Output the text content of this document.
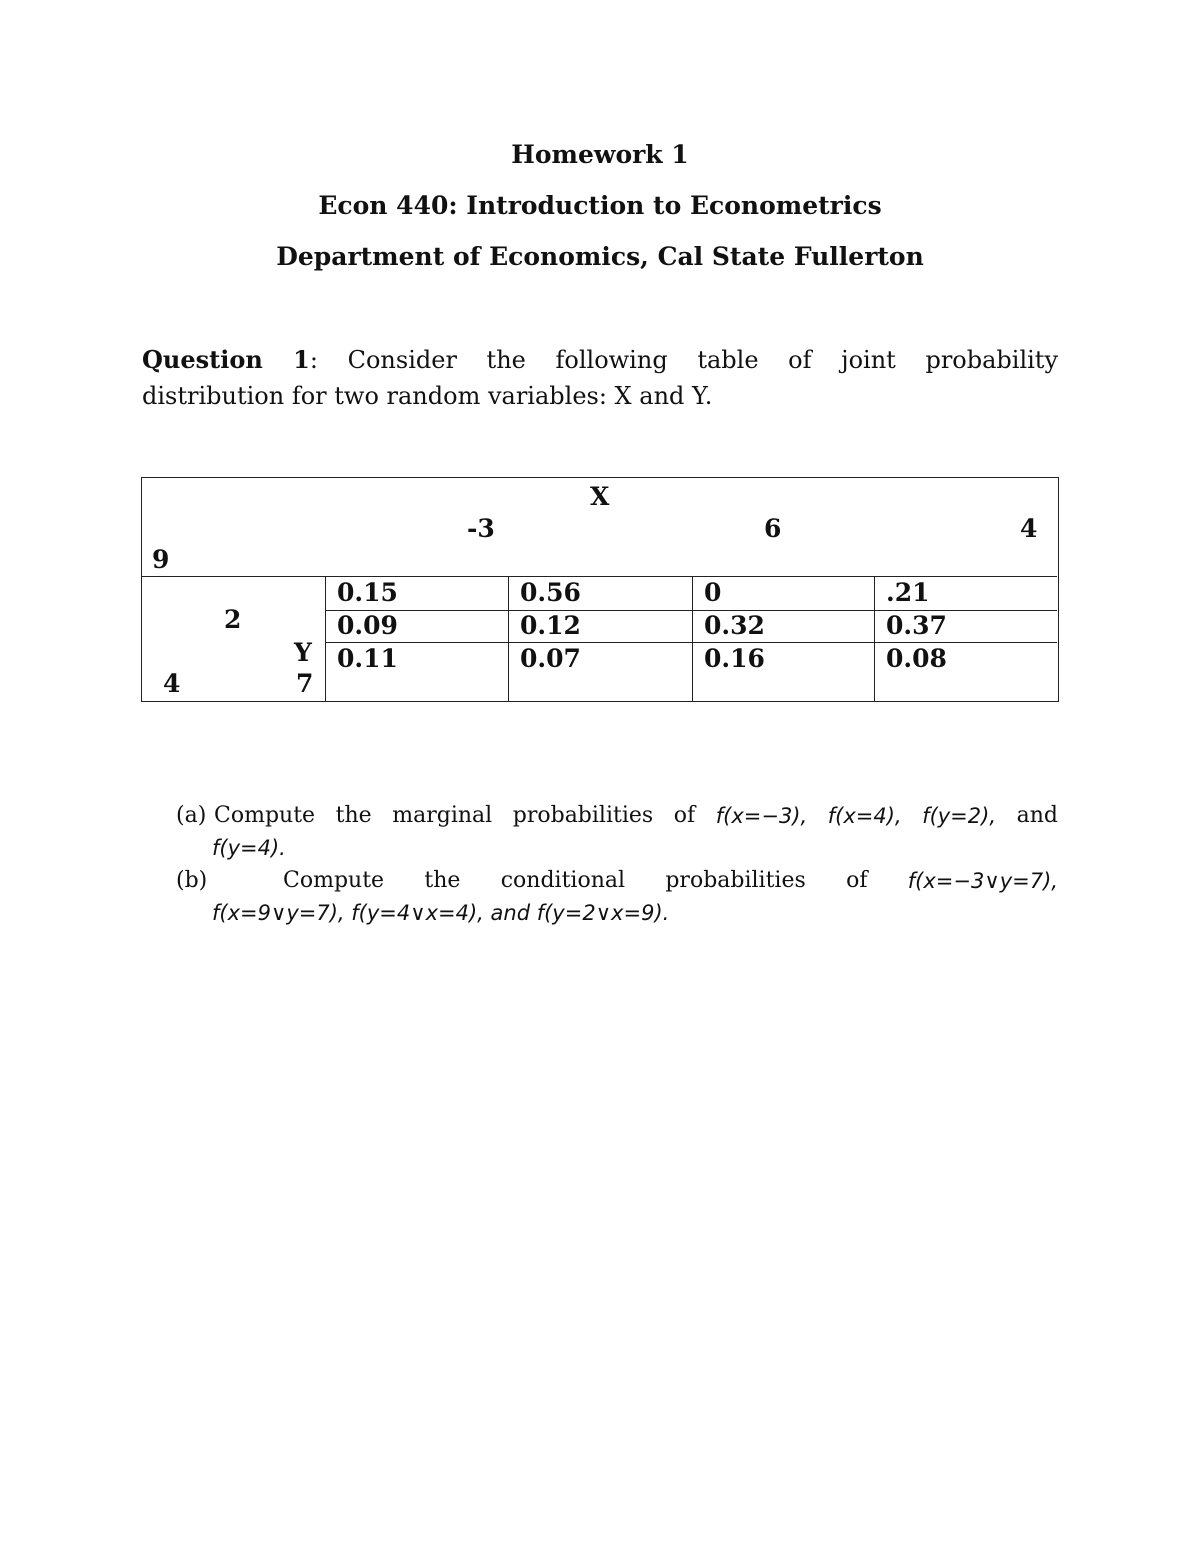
Homework 1
Econ 440: Introduction to Econometrics
Department of Economics, Cal State Fullerton
Question 1: Consider the following table of joint probability
distribution for two random variables: X and Y.
X
-3	6	4
9
2
Y
4	7
0.15	0.56	0	.21
0.09	0.12	0.32	0.37
0.11	0.07	0.16	0.08
(a) Compute the marginal probabilities of f(x=−3), f(x=4), f(y=2), and
f(y=4).
(b)	Compute the conditional probabilities of f(x=−3∨y=7),
f(x=9∨y=7), f(y=4∨x=4), and f(y=2∨x=9).
